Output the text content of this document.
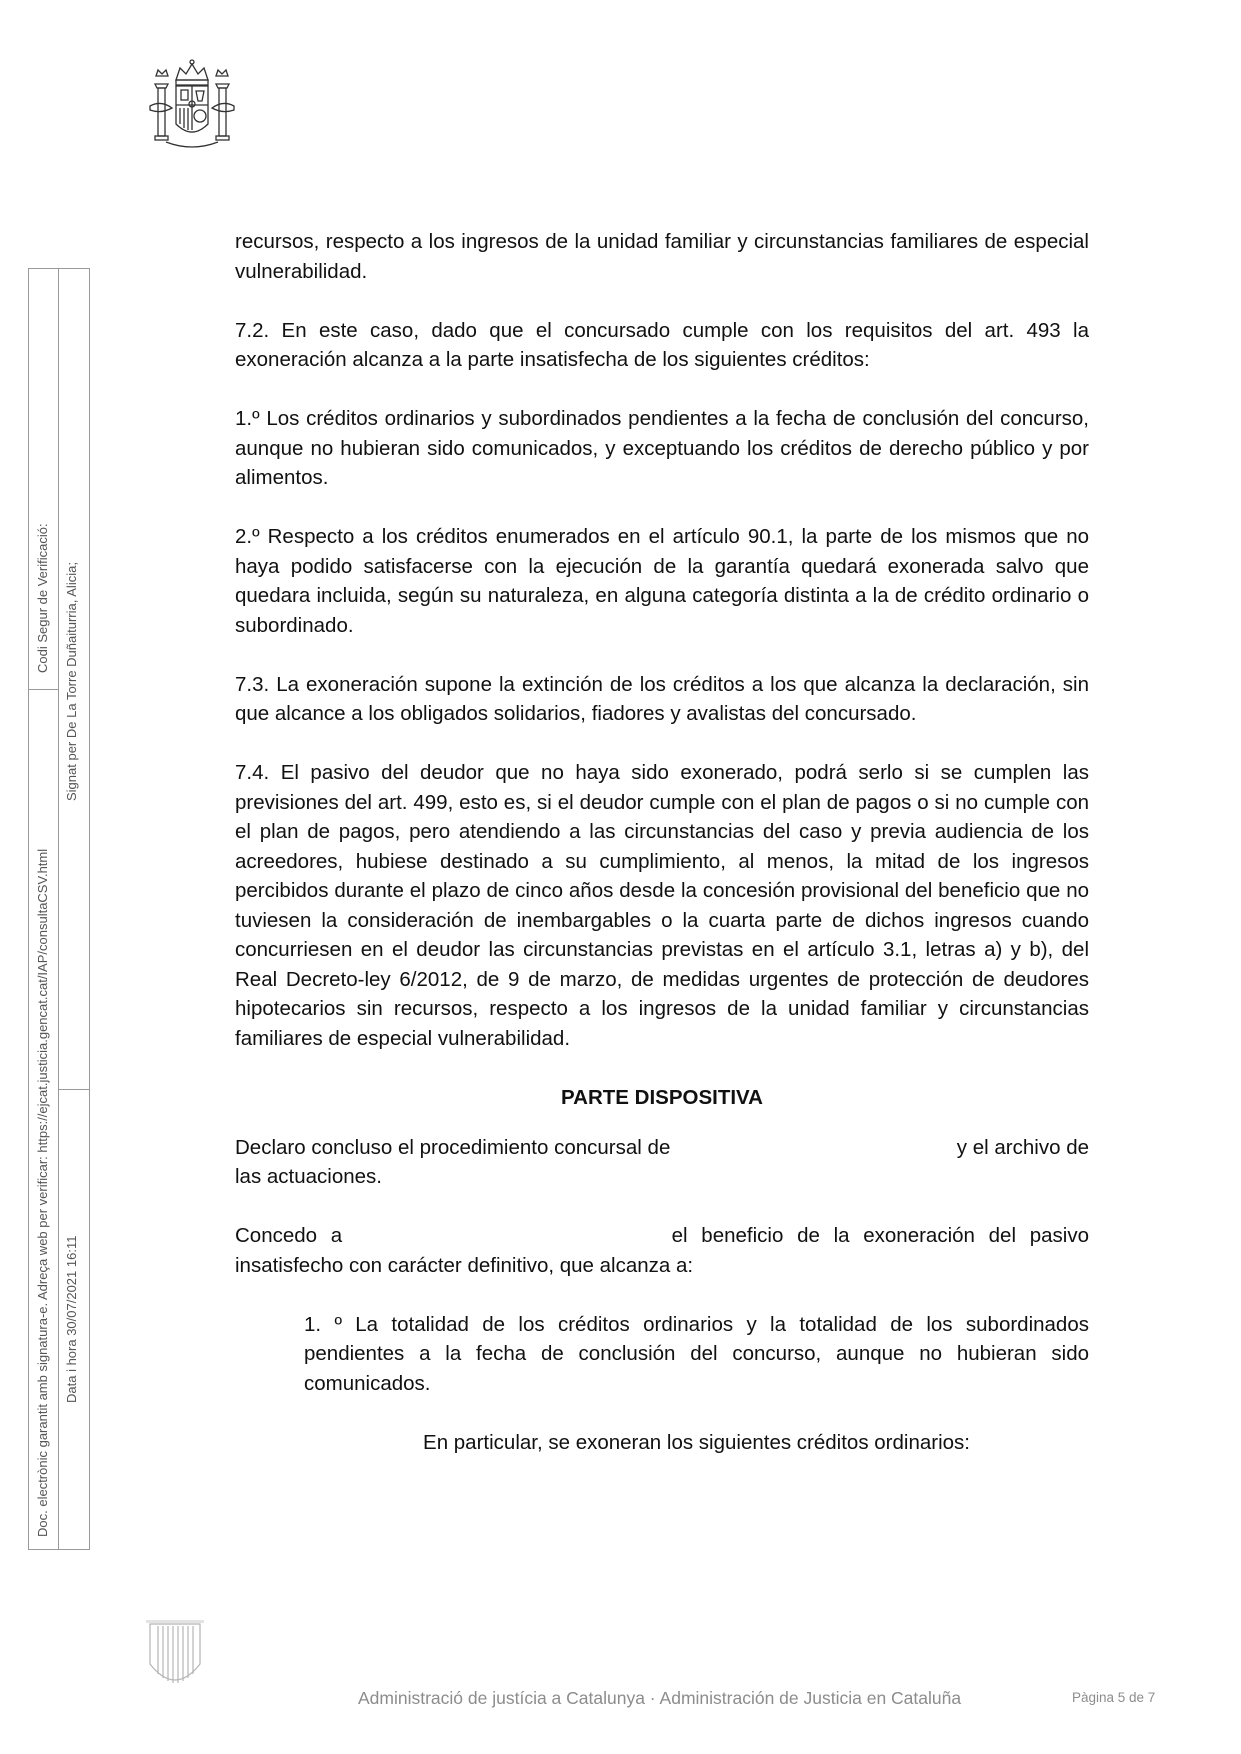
Doc. electrònic garantit amb signatura-e. Adreça web per verificar: https://ejcat.justicia.gencat.cat/IAP/consultaCSV.html
Codi Segur de Verificació:
Data i hora 30/07/2021 16:11
Signat per De La Torre Duñaiturria, Alicia;

recursos, respecto a los ingresos de la unidad familiar y circunstancias familiares de especial vulnerabilidad.

7.2. En este caso, dado que el concursado cumple con los requisitos del art. 493 la exoneración alcanza a la parte insatisfecha de los siguientes créditos:

1.º Los créditos ordinarios y subordinados pendientes a la fecha de conclusión del concurso, aunque no hubieran sido comunicados, y exceptuando los créditos de derecho público y por alimentos.

2.º Respecto a los créditos enumerados en el artículo 90.1, la parte de los mismos que no haya podido satisfacerse con la ejecución de la garantía quedará exonerada salvo que quedara incluida, según su naturaleza, en alguna categoría distinta a la de crédito ordinario o subordinado.

7.3. La exoneración supone la extinción de los créditos a los que alcanza la declaración, sin que alcance a los obligados solidarios, fiadores y avalistas del concursado.

7.4. El pasivo del deudor que no haya sido exonerado, podrá serlo si se cumplen las previsiones del art. 499, esto es, si el deudor cumple con el plan de pagos o si no cumple con el plan de pagos, pero atendiendo a las circunstancias del caso y previa audiencia de los acreedores, hubiese destinado a su cumplimiento, al menos, la mitad de los ingresos percibidos durante el plazo de cinco años desde la concesión provisional del beneficio que no tuviesen la consideración de inembargables o la cuarta parte de dichos ingresos cuando concurriesen en el deudor las circunstancias previstas en el artículo 3.1, letras a) y b), del Real Decreto-ley 6/2012, de 9 de marzo, de medidas urgentes de protección de deudores hipotecarios sin recursos, respecto a los ingresos de la unidad familiar y circunstancias familiares de especial vulnerabilidad.

PARTE DISPOSITIVA

Declaro concluso el procedimiento concursal de	y el archivo de las actuaciones.

Concedo a	el beneficio de la exoneración del pasivo insatisfecho con carácter definitivo, que alcanza a:

1. º La totalidad de los créditos ordinarios y la totalidad de los subordinados pendientes a la fecha de conclusión del concurso, aunque no hubieran sido comunicados.

En particular, se exoneran los siguientes créditos ordinarios:

Administració de justícia a Catalunya · Administración de Justicia en Cataluña	Pàgina 5 de 7
